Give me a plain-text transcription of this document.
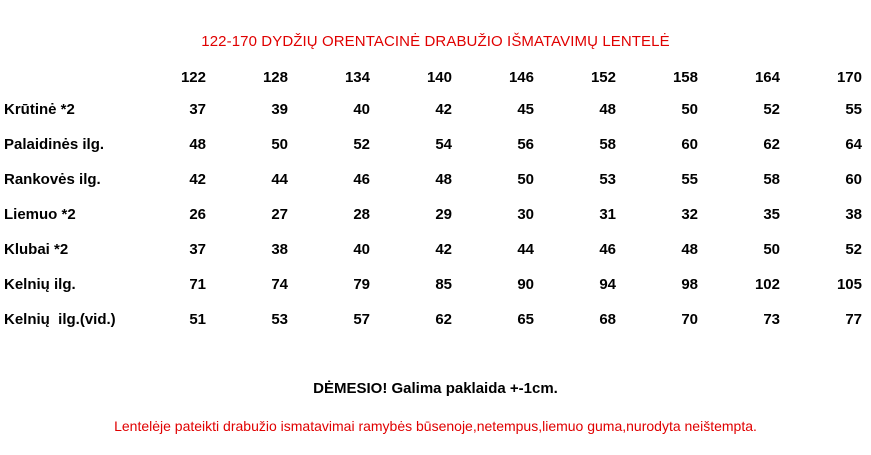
122-170 DYDŽIŲ ORENTACINĖ DRABUŽIO IŠMATAVIMŲ LENTELĖ
	122	128	134	140	146	152	158	164	170
Krūtinė *2	37	39	40	42	45	48	50	52	55
Palaidinės ilg.	48	50	52	54	56	58	60	62	64
Rankovės ilg.	42	44	46	48	50	53	55	58	60
Liemuo *2	26	27	28	29	30	31	32	35	38
Klubai *2	37	38	40	42	44	46	48	50	52
Kelnių ilg.	71	74	79	85	90	94	98	102	105
Kelnių  ilg.(vid.)	51	53	57	62	65	68	70	73	77
DĖMESIO! Galima paklaida +-1cm.
Lentelėje pateikti drabužio ismatavimai ramybės būsenoje,netempus,liemuo guma,nurodyta neištempta.
